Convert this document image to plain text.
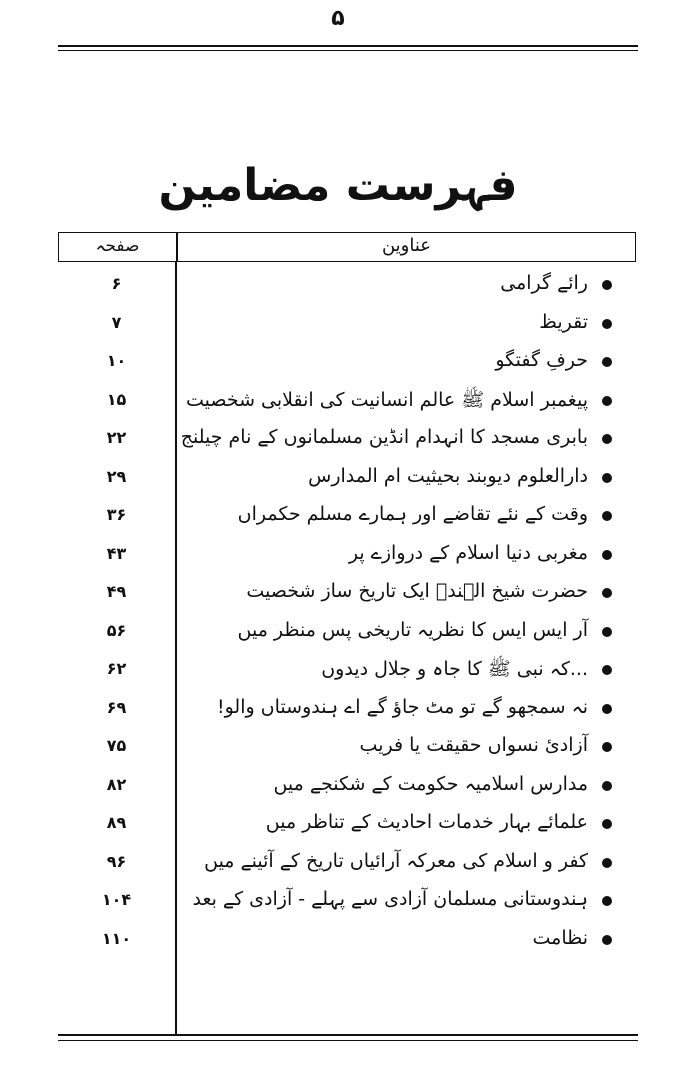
۵
فہرست مضامین
عناوین
صفحہ
رائے گرامی
۶
تقریظ
۷
حرفِ گفتگو
۱۰
پیغمبر اسلام ﷺ عالم انسانیت کی انقلابی شخصیت
۱۵
بابری مسجد کا انہدام انڈین مسلمانوں کے نام چیلنج
۲۲
دارالعلوم دیوبند بحیثیت ام المدارس
۲۹
وقت کے نئے تقاضے اور ہمارے مسلم حکمراں
۳۶
مغربی دنیا اسلام کے دروازے پر
۴۳
حضرت شیخ الہندؒ ایک تاریخ ساز شخصیت
۴۹
آر ایس ایس کا نظریہ تاریخی پس منظر میں
۵۶
...کہ نبی ﷺ کا جاہ و جلال دیدوں
۶۲
نہ سمجھو گے تو مٹ جاؤ گے اے ہندوستاں والو!
۶۹
آزادیٔ نسواں حقیقت یا فریب
۷۵
مدارس اسلامیہ حکومت کے شکنجے میں
۸۲
علمائے بہار خدمات احادیث کے تناظر میں
۸۹
کفر و اسلام کی معرکہ آرائیاں تاریخ کے آئینے میں
۹۶
ہندوستانی مسلمان آزادی سے پہلے - آزادی کے بعد
۱۰۴
نظامت
۱۱۰
